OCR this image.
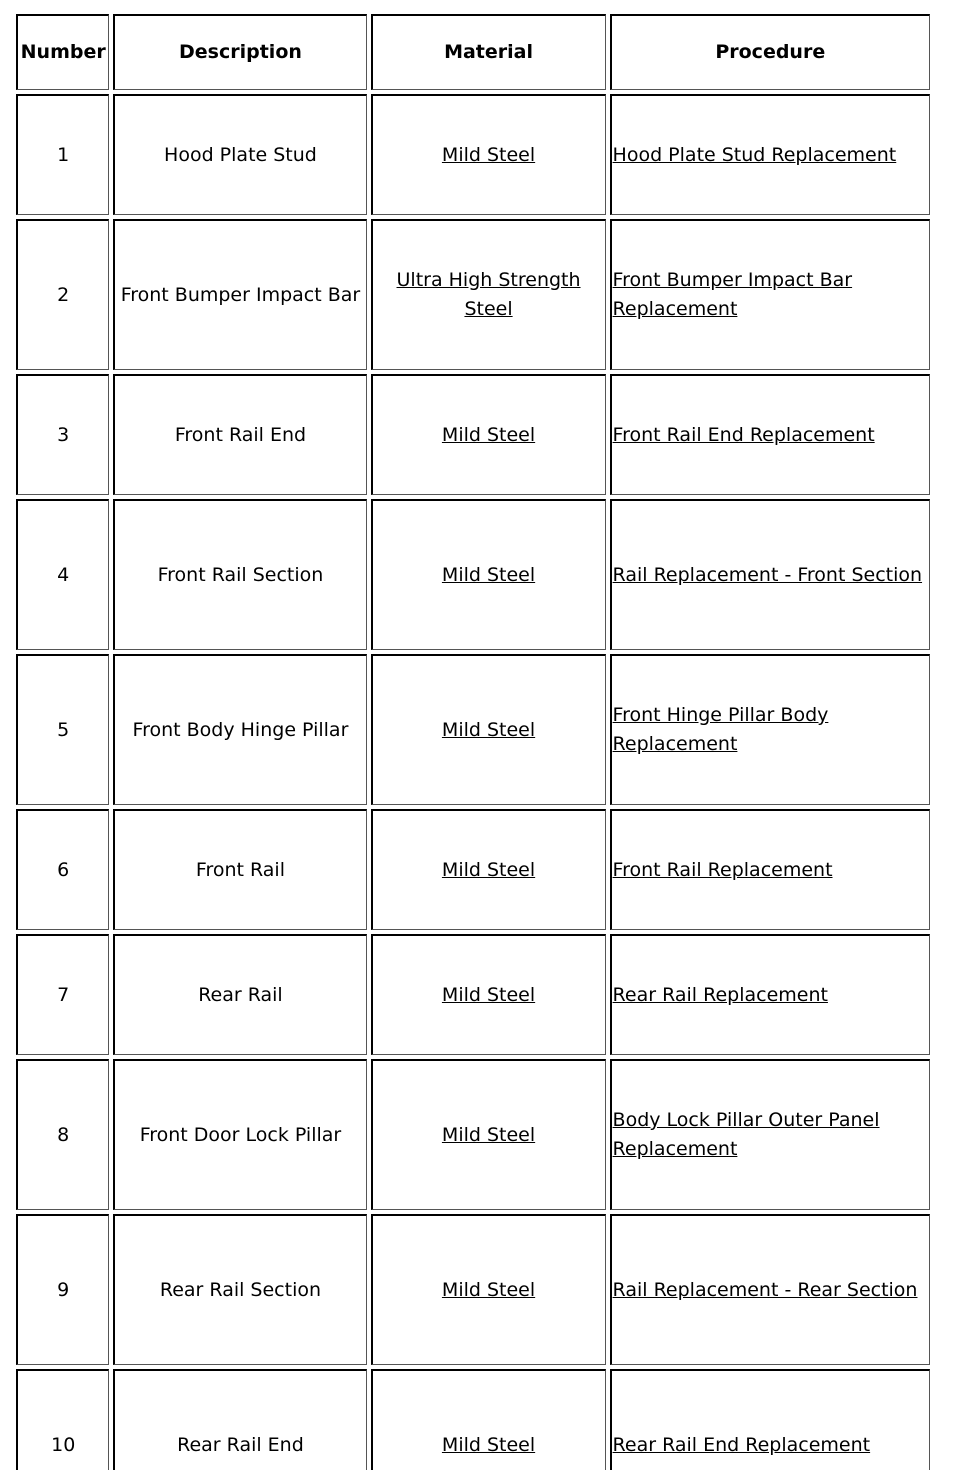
Number	Description	Material	Procedure
1	Hood Plate Stud	Mild Steel	Hood Plate Stud Replacement
2	Front Bumper Impact Bar	Ultra High Strength Steel	Front Bumper Impact Bar Replacement
3	Front Rail End	Mild Steel	Front Rail End Replacement
4	Front Rail Section	Mild Steel	Rail Replacement - Front Section
5	Front Body Hinge Pillar	Mild Steel	Front Hinge Pillar Body Replacement
6	Front Rail	Mild Steel	Front Rail Replacement
7	Rear Rail	Mild Steel	Rear Rail Replacement
8	Front Door Lock Pillar	Mild Steel	Body Lock Pillar Outer Panel Replacement
9	Rear Rail Section	Mild Steel	Rail Replacement - Rear Section
10	Rear Rail End	Mild Steel	Rear Rail End Replacement
